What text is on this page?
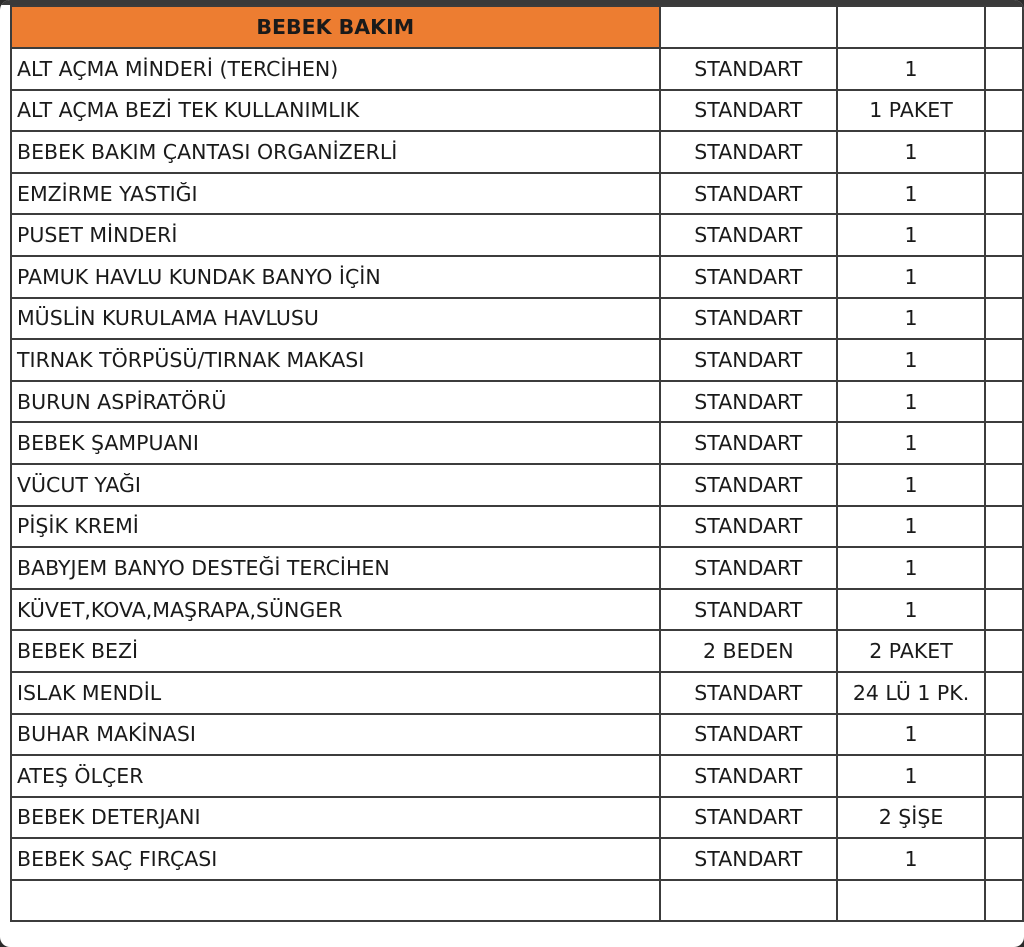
BEBEK BAKIM			
ALT AÇMA MİNDERİ (TERCİHEN)	STANDART	1	
ALT AÇMA BEZİ TEK KULLANIMLIK	STANDART	1 PAKET	
BEBEK BAKIM ÇANTASI ORGANİZERLİ	STANDART	1	
EMZİRME YASTIĞI	STANDART	1	
PUSET MİNDERİ	STANDART	1	
PAMUK HAVLU KUNDAK BANYO İÇİN	STANDART	1	
MÜSLİN KURULAMA HAVLUSU	STANDART	1	
TIRNAK TÖRPÜSÜ/TIRNAK MAKASI	STANDART	1	
BURUN ASPİRATÖRÜ	STANDART	1	
BEBEK ŞAMPUANI	STANDART	1	
VÜCUT YAĞI	STANDART	1	
PİŞİK KREMİ	STANDART	1	
BABYJEM BANYO DESTEĞİ TERCİHEN	STANDART	1	
KÜVET,KOVA,MAŞRAPA,SÜNGER	STANDART	1	
BEBEK BEZİ	2 BEDEN	2 PAKET	
ISLAK MENDİL	STANDART	24 LÜ 1 PK.	
BUHAR MAKİNASI	STANDART	1	
ATEŞ ÖLÇER	STANDART	1	
BEBEK DETERJANI	STANDART	2 ŞİŞE	
BEBEK SAÇ FIRÇASI	STANDART	1	
